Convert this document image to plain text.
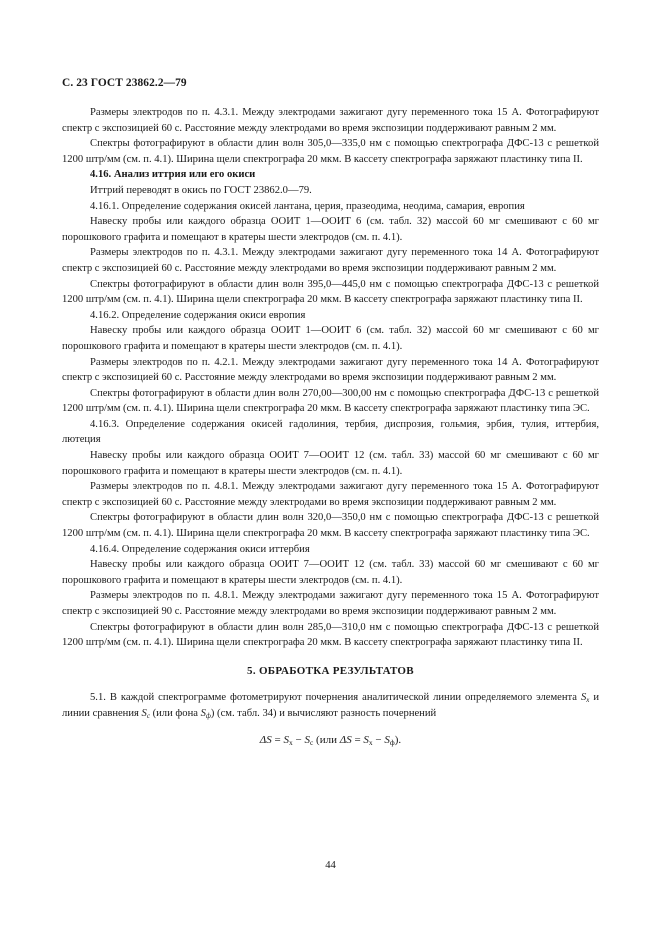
С. 23 ГОСТ 23862.2—79

Размеры электродов по п. 4.3.1. Между электродами зажигают дугу переменного тока 15 А. Фотографируют спектр с экспозицией 60 с. Расстояние между электродами во время экспозиции поддерживают равным 2 мм.

Спектры фотографируют в области длин волн 305,0—335,0 нм с помощью спектрографа ДФС-13 с решеткой 1200 штр/мм (см. п. 4.1). Ширина щели спектрографа 20 мкм. В кассету спектрографа заряжают пластинку типа II.

4.16. Анализ иттрия или его окиси

Иттрий переводят в окись по ГОСТ 23862.0—79.

4.16.1. Определение содержания окисей лантана, церия, празеодима, неодима, самария, европия

Навеску пробы или каждого образца ООИТ 1—ООИТ 6 (см. табл. 32) массой 60 мг смешивают с 60 мг порошкового графита и помещают в кратеры шести электродов (см. п. 4.1).

Размеры электродов по п. 4.3.1. Между электродами зажигают дугу переменного тока 14 А. Фотографируют спектр с экспозицией 60 с. Расстояние между электродами во время экспозиции поддерживают равным 2 мм.

Спектры фотографируют в области длин волн 395,0—445,0 нм с помощью спектрографа ДФС-13 с решеткой 1200 штр/мм (см. п. 4.1). Ширина щели спектрографа 20 мкм. В кассету спектрографа заряжают пластинку типа II.

4.16.2. Определение содержания окиси европия

Навеску пробы или каждого образца ООИТ 1—ООИТ 6 (см. табл. 32) массой 60 мг смешивают с 60 мг порошкового графита и помещают в кратеры шести электродов (см. п. 4.1).

Размеры электродов по п. 4.2.1. Между электродами зажигают дугу переменного тока 14 А. Фотографируют спектр с экспозицией 60 с. Расстояние между электродами во время экспозиции поддерживают равным 2 мм.

Спектры фотографируют в области длин волн 270,00—300,00 нм с помощью спектрографа ДФС-13 с решеткой 1200 штр/мм (см. п. 4.1). Ширина щели спектрографа 20 мкм. В кассету спектрографа заряжают пластинку типа ЭС.

4.16.3. Определение содержания окисей гадолиния, тербия, диспрозия, гольмия, эрбия, тулия, иттербия, лютеция

Навеску пробы или каждого образца ООИТ 7—ООИТ 12 (см. табл. 33) массой 60 мг смешивают с 60 мг порошкового графита и помещают в кратеры шести электродов (см. п. 4.1).

Размеры электродов по п. 4.8.1. Между электродами зажигают дугу переменного тока 15 А. Фотографируют спектр с экспозицией 60 с. Расстояние между электродами во время экспозиции поддерживают равным 2 мм.

Спектры фотографируют в области длин волн 320,0—350,0 нм с помощью спектрографа ДФС-13 с решеткой 1200 штр/мм (см. п. 4.1). Ширина щели спектрографа 20 мкм. В кассету спектрографа заряжают пластинку типа ЭС.

4.16.4. Определение содержания окиси иттербия

Навеску пробы или каждого образца ООИТ 7—ООИТ 12 (см. табл. 33) массой 60 мг смешивают с 60 мг порошкового графита и помещают в кратеры шести электродов (см. п. 4.1).

Размеры электродов по п. 4.8.1. Между электродами зажигают дугу переменного тока 15 А. Фотографируют спектр с экспозицией 90 с. Расстояние между электродами во время экспозиции поддерживают равным 2 мм.

Спектры фотографируют в области длин волн 285,0—310,0 нм с помощью спектрографа ДФС-13 с решеткой 1200 штр/мм (см. п. 4.1). Ширина щели спектрографа 20 мкм. В кассету спектрографа заряжают пластинку типа II.

5. ОБРАБОТКА РЕЗУЛЬТАТОВ

5.1. В каждой спектрограмме фотометрируют почернения аналитической линии определяемого элемента $S_x$ и линии сравнения $S_c$ (или фона $S_ф$) (см. табл. 34) и вычисляют разность почернений

$\Delta S = S_x - S_c$ (или $\Delta S = S_x - S_ф$).
44
